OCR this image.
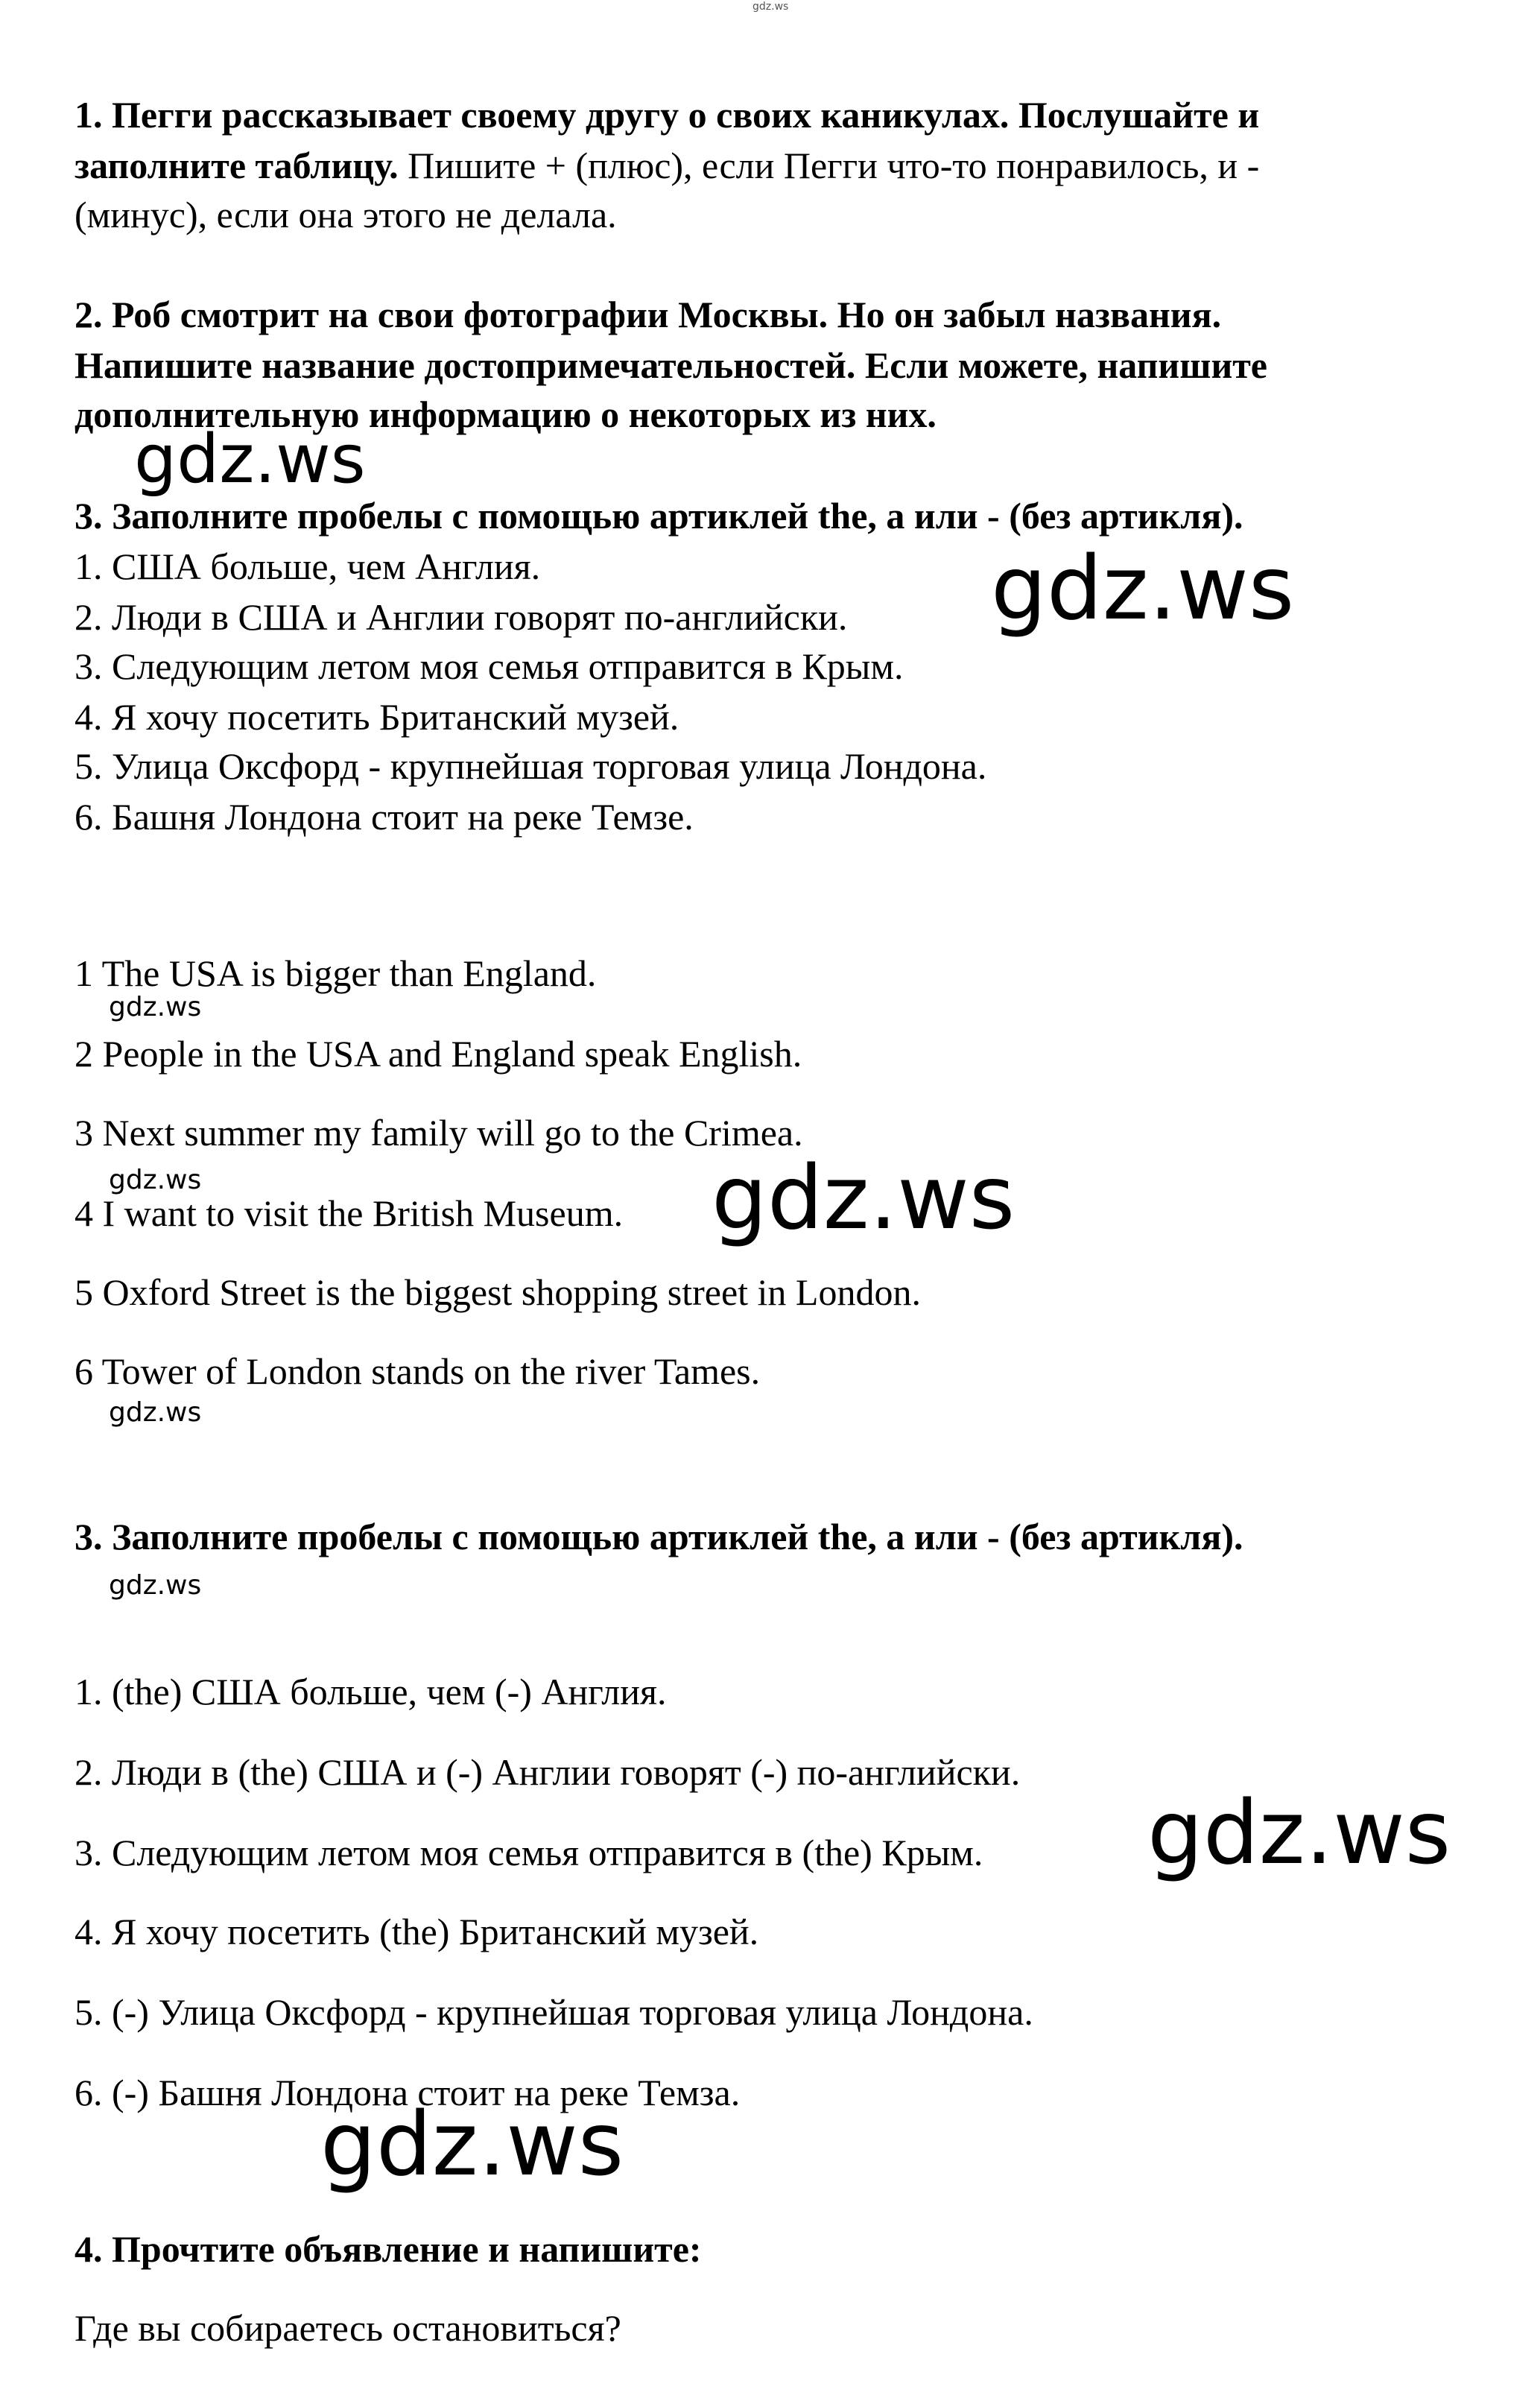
gdz.ws

1. Пегги рассказывает своему другу о своих каникулах. Послушайте и

заполните таблицу. Пишите + (плюс), если Пегги что-то понравилось, и -

(минус), если она этого не делала.

2. Роб смотрит на свои фотографии Москвы. Но он забыл названия.

Напишите название достопримечательностей. Если можете, напишите

дополнительную информацию о некоторых из них.

gdz.ws

3. Заполните пробелы с помощью артиклей the, а или - (без артикля).

1. США больше, чем Англия.

2. Люди в США и Англии говорят по-английски.

3. Следующим летом моя семья отправится в Крым.

4. Я хочу посетить Британский музей.

5. Улица Оксфорд - крупнейшая торговая улица Лондона.

6. Башня Лондона стоит на реке Темзе.

gdz.ws

1 The USA is bigger than England.

gdz.ws

2 People in the USA and England speak English.

3 Next summer my family will go to the Crimea.

gdz.ws

4 I want to visit the British Museum. gdz.ws

5 Oxford Street is the biggest shopping street in London.

6 Tower of London stands on the river Tames.

gdz.ws

3. Заполните пробелы с помощью артиклей the, а или - (без артикля).

gdz.ws

1. (the) США больше, чем (-) Англия.

2. Люди в (the) США и (-) Англии говорят (-) по-английски.

3. Следующим летом моя семья отправится в (the) Крым. gdz.ws

4. Я хочу посетить (the) Британский музей.

5. (-) Улица Оксфорд - крупнейшая торговая улица Лондона.

6. (-) Башня Лондона стоит на реке Темза.

gdz.ws

4. Прочтите объявление и напишите:

Где вы собираетесь остановиться?
